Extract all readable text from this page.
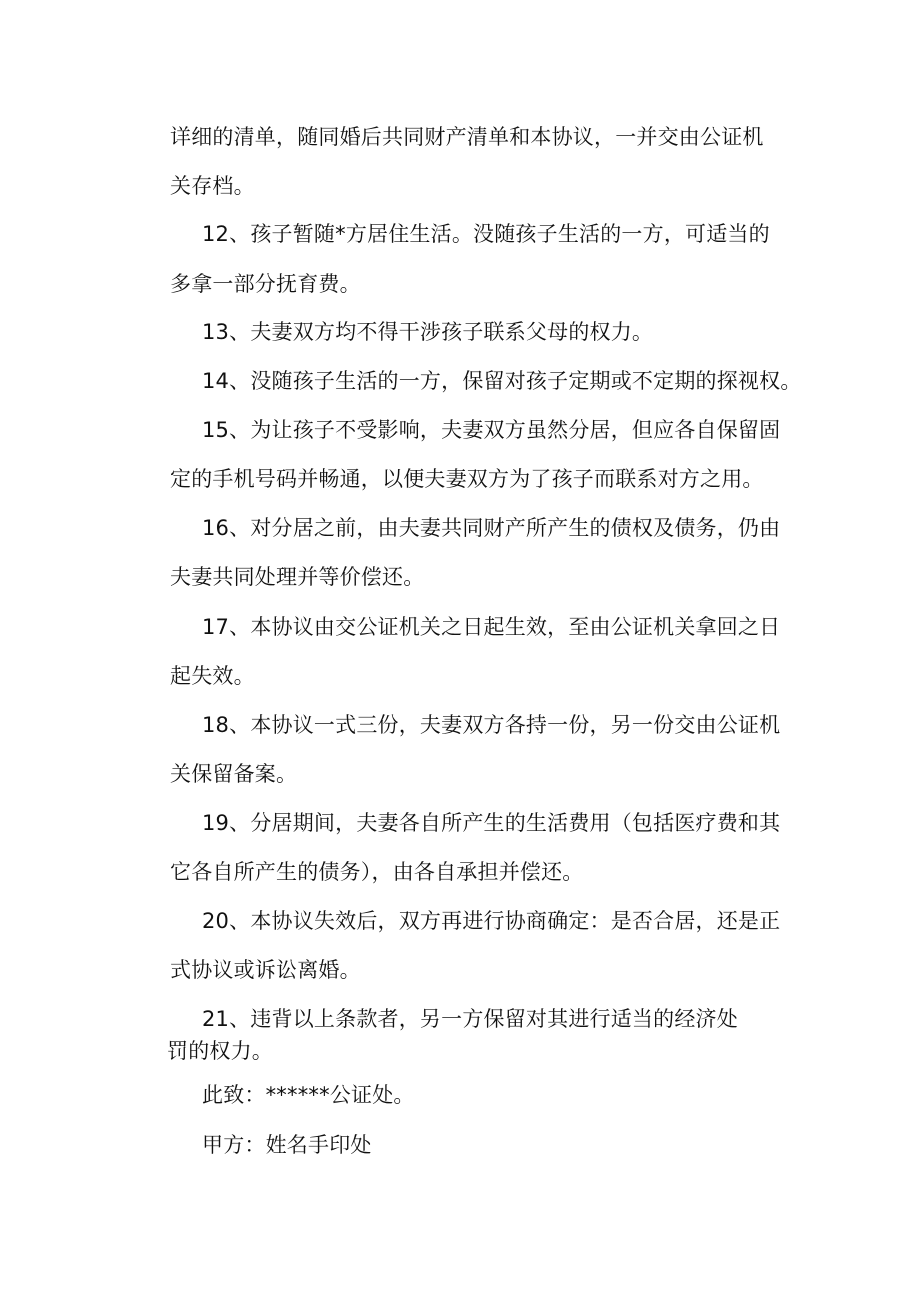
详细的清单，随同婚后共同财产清单和本协议，一并交由公证机
关存档。
12、孩子暂随*方居住生活。没随孩子生活的一方，可适当的
多拿一部分抚育费。
13、夫妻双方均不得干涉孩子联系父母的权力。
14、没随孩子生活的一方，保留对孩子定期或不定期的探视权。
15、为让孩子不受影响，夫妻双方虽然分居，但应各自保留固
定的手机号码并畅通，以便夫妻双方为了孩子而联系对方之用。
16、对分居之前，由夫妻共同财产所产生的债权及债务，仍由
夫妻共同处理并等价偿还。
17、本协议由交公证机关之日起生效，至由公证机关拿回之日
起失效。
18、本协议一式三份，夫妻双方各持一份，另一份交由公证机
关保留备案。
19、分居期间，夫妻各自所产生的生活费用（包括医疗费和其
它各自所产生的债务），由各自承担并偿还。
20、本协议失效后，双方再进行协商确定：是否合居，还是正
式协议或诉讼离婚。
21、违背以上条款者，另一方保留对其进行适当的经济处
罚的权力。
此致：******公证处。
甲方：姓名手印处
